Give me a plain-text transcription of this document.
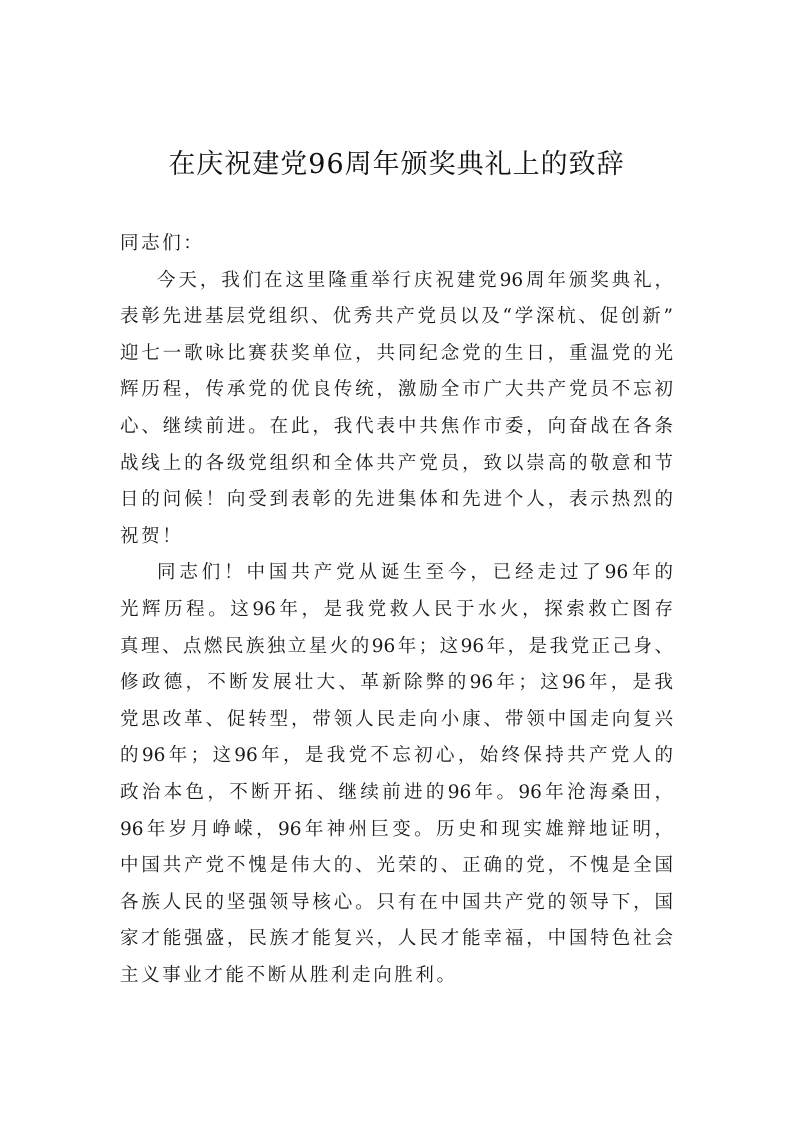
在庆祝建党96周年颁奖典礼上的致辞
同志们：
今天，我们在这里隆重举行庆祝建党96周年颁奖典礼，
表彰先进基层党组织、优秀共产党员以及“学深杭、促创新”
迎七一歌咏比赛获奖单位，共同纪念党的生日，重温党的光
辉历程，传承党的优良传统，激励全市广大共产党员不忘初
心、继续前进。在此，我代表中共焦作市委，向奋战在各条
战线上的各级党组织和全体共产党员，致以崇高的敬意和节
日的问候！向受到表彰的先进集体和先进个人，表示热烈的
祝贺！
同志们！中国共产党从诞生至今，已经走过了96年的
光辉历程。这96年，是我党救人民于水火，探索救亡图存
真理、点燃民族独立星火的96年；这96年，是我党正己身、
修政德，不断发展壮大、革新除弊的96年；这96年，是我
党思改革、促转型，带领人民走向小康、带领中国走向复兴
的96年；这96年，是我党不忘初心，始终保持共产党人的
政治本色，不断开拓、继续前进的96年。96年沧海桑田，
96年岁月峥嵘，96年神州巨变。历史和现实雄辩地证明，
中国共产党不愧是伟大的、光荣的、正确的党，不愧是全国
各族人民的坚强领导核心。只有在中国共产党的领导下，国
家才能强盛，民族才能复兴，人民才能幸福，中国特色社会
主义事业才能不断从胜利走向胜利。
